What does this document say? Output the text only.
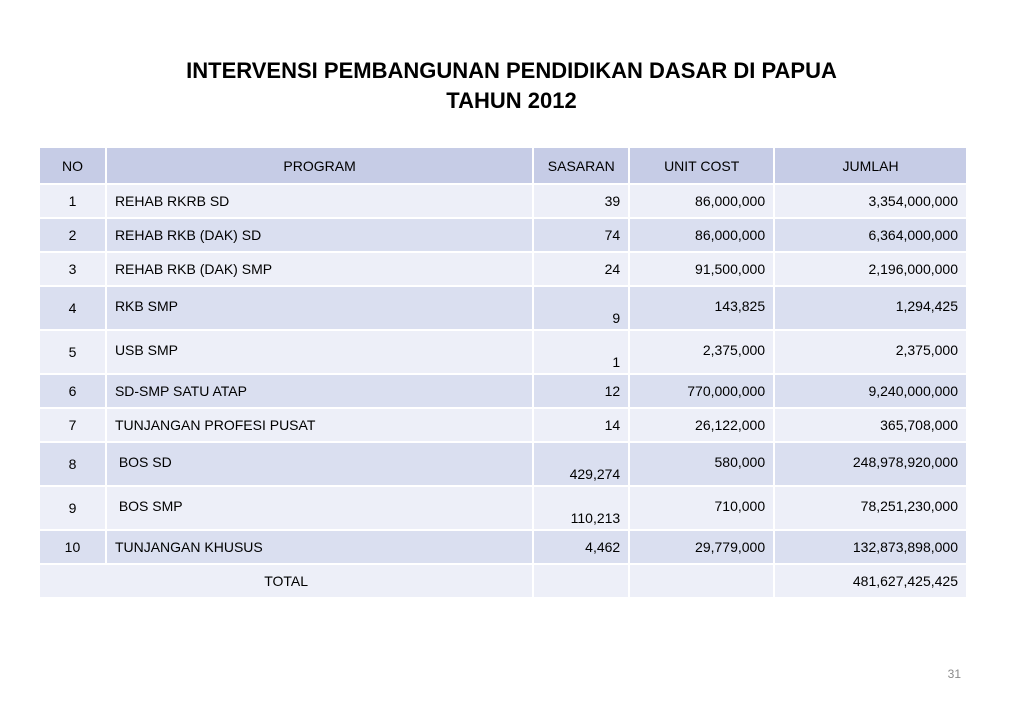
INTERVENSI PEMBANGUNAN PENDIDIKAN DASAR DI PAPUA
TAHUN 2012
NO	PROGRAM	SASARAN	UNIT COST	JUMLAH
1	REHAB RKRB SD	39	86,000,000	3,354,000,000
2	REHAB RKB (DAK) SD	74	86,000,000	6,364,000,000
3	REHAB RKB (DAK) SMP	24	91,500,000	2,196,000,000
4	RKB SMP	9	143,825	1,294,425
5	USB SMP	1	2,375,000	2,375,000
6	SD-SMP SATU ATAP	12	770,000,000	9,240,000,000
7	TUNJANGAN PROFESI PUSAT	14	26,122,000	365,708,000
8	BOS SD	429,274	580,000	248,978,920,000
9	BOS SMP	110,213	710,000	78,251,230,000
10	TUNJANGAN KHUSUS	4,462	29,779,000	132,873,898,000
TOTAL				481,627,425,425
31
